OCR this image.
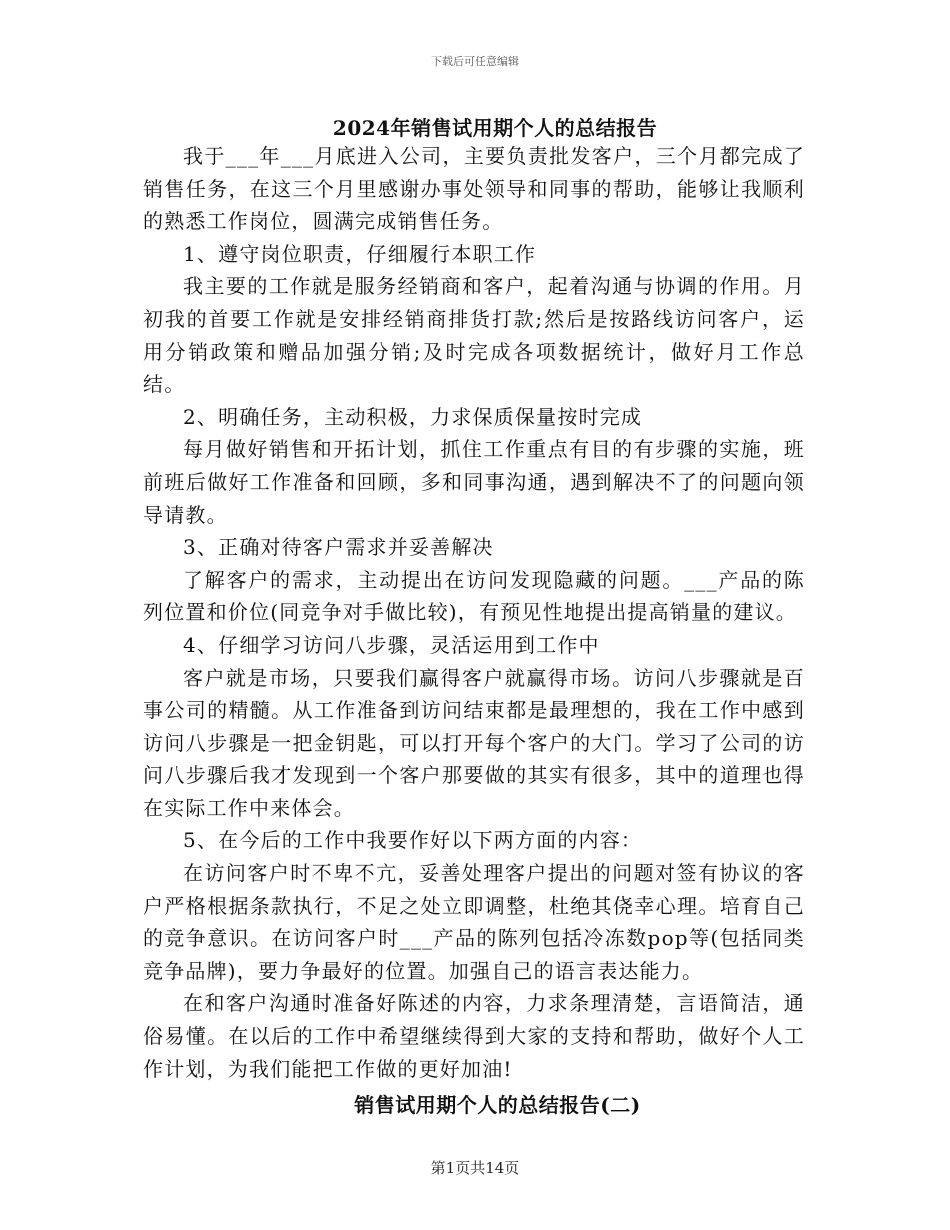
下载后可任意编辑
2024年销售试用期个人的总结报告

我于___年___月底进入公司，主要负责批发客户，三个月都完成了销售任务，在这三个月里感谢办事处领导和同事的帮助，能够让我顺利的熟悉工作岗位，圆满完成销售任务。

1、遵守岗位职责，仔细履行本职工作

我主要的工作就是服务经销商和客户，起着沟通与协调的作用。月初我的首要工作就是安排经销商排货打款;然后是按路线访问客户，运用分销政策和赠品加强分销;及时完成各项数据统计，做好月工作总结。

2、明确任务，主动积极，力求保质保量按时完成

每月做好销售和开拓计划，抓住工作重点有目的有步骤的实施，班前班后做好工作准备和回顾，多和同事沟通，遇到解决不了的问题向领导请教。

3、正确对待客户需求并妥善解决

了解客户的需求，主动提出在访问发现隐藏的问题。___产品的陈列位置和价位(同竞争对手做比较)，有预见性地提出提高销量的建议。

4、仔细学习访问八步骤，灵活运用到工作中

客户就是市场，只要我们赢得客户就赢得市场。访问八步骤就是百事公司的精髓。从工作准备到访问结束都是最理想的，我在工作中感到访问八步骤是一把金钥匙，可以打开每个客户的大门。学习了公司的访问八步骤后我才发现到一个客户那要做的其实有很多，其中的道理也得在实际工作中来体会。

5、在今后的工作中我要作好以下两方面的内容：

在访问客户时不卑不亢，妥善处理客户提出的问题对签有协议的客户严格根据条款执行，不足之处立即调整，杜绝其侥幸心理。培育自己的竞争意识。在访问客户时___产品的陈列包括冷冻数pop等(包括同类竞争品牌)，要力争最好的位置。加强自己的语言表达能力。

在和客户沟通时准备好陈述的内容，力求条理清楚，言语简洁，通俗易懂。在以后的工作中希望继续得到大家的支持和帮助，做好个人工作计划，为我们能把工作做的更好加油!

销售试用期个人的总结报告(二)
第1页共14页
